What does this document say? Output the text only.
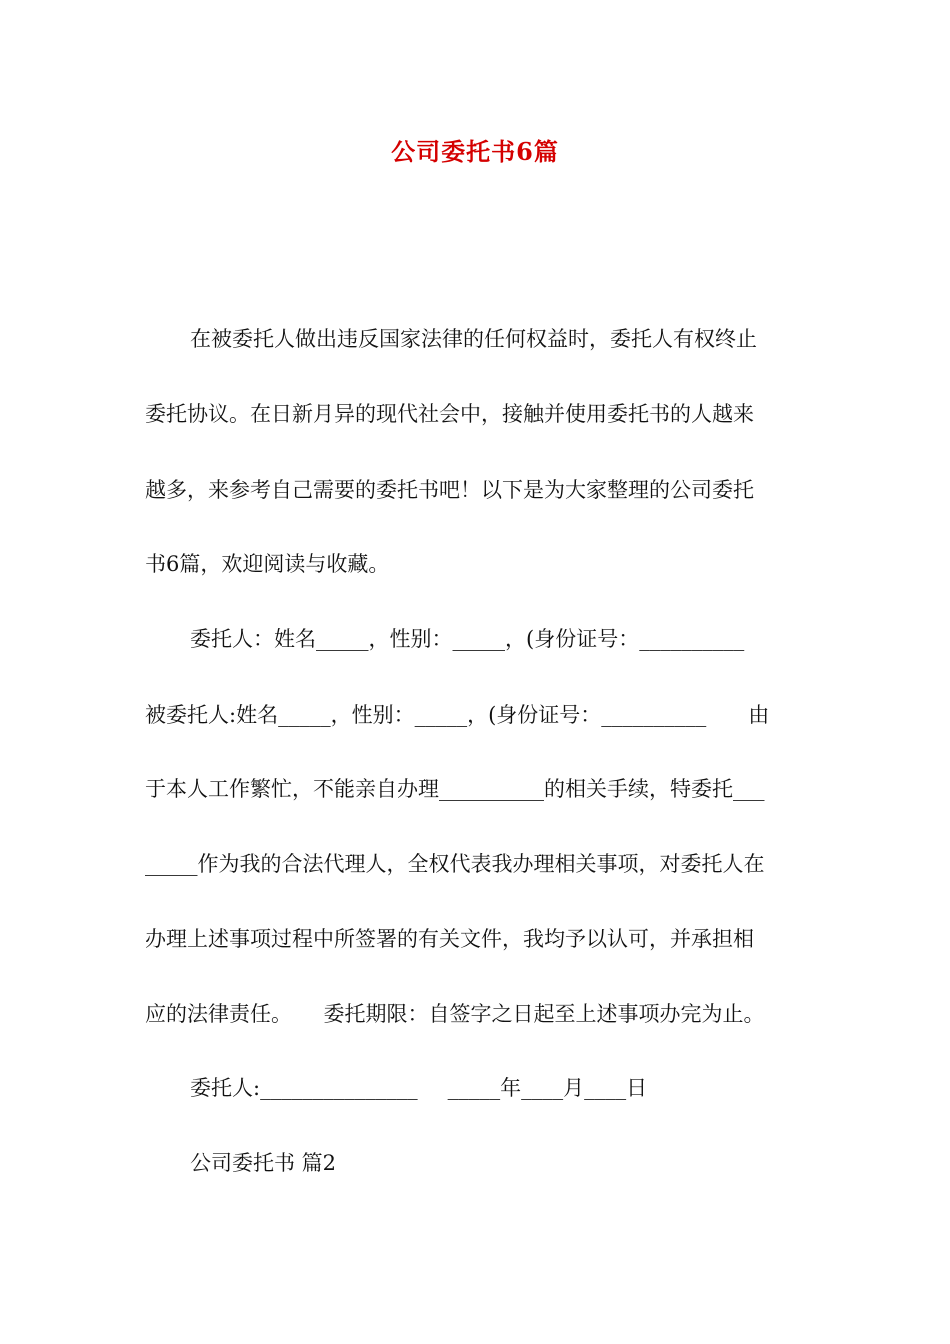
公司委托书6篇
在被委托人做出违反国家法律的任何权益时，委托人有权终止
委托协议。在日新月异的现代社会中，接触并使用委托书的人越来
越多，来参考自己需要的委托书吧！以下是为大家整理的公司委托
书6篇，欢迎阅读与收藏。
委托人：姓名_____，性别：_____，(身份证号：__________
被委托人:姓名_____，性别：_____，(身份证号：__________　　由
于本人工作繁忙，不能亲自办理__________的相关手续，特委托___
_____作为我的合法代理人，全权代表我办理相关事项，对委托人在
办理上述事项过程中所签署的有关文件，我均予以认可，并承担相
应的法律责任。　　委托期限：自签字之日起至上述事项办完为止。
委托人:_______________ _____年____月____日
公司委托书 篇2
